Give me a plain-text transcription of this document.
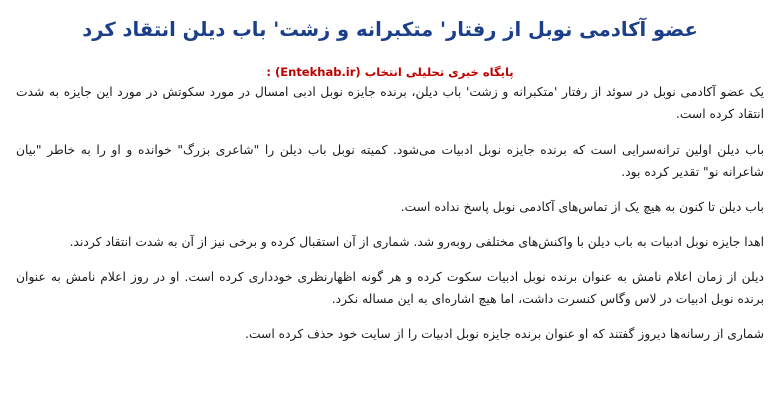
عضو آکادمی نوبل از رفتار' متکبرانه و زشت' باب دیلن انتقاد کرد
پایگاه خبری تحلیلی انتخاب (Entekhab.ir) :

یک عضو آکادمی نوبل در سوئد از رفتار 'متکبرانه و زشت' باب دیلن، برنده جایزه نوبل ادبی امسال در مورد سکوتش در مورد این جایزه به شدت انتقاد کرده است.

باب دیلن اولین ترانه‌سرایی است که برنده جایزه نوبل ادبیات می‌شود. کمیته نوبل باب دیلن را "شاعری بزرگ" خوانده و او را به خاطر "بیان شاعرانه نو" تقدیر کرده بود.

باب دیلن تا کنون به هیچ یک از تماس‌های آکادمی نوبل پاسخ نداده است.

اهدا جایزه نوبل ادبیات به باب دیلن با واکنش‌های مختلفی روبه‌رو شد. شماری از آن استقبال کرده و برخی نیز از آن به شدت انتقاد کردند.

دیلن از زمان اعلام نامش به عنوان برنده نوبل ادبیات سکوت کرده و هر گونه اظهارنظری خودداری کرده است. او در روز اعلام نامش به عنوان برنده نوبل ادبیات در لاس وگاس کنسرت داشت، اما هیچ اشاره‌ای به این مساله نکرد.

شماری از رسانه‌ها دیروز گفتند که او عنوان برنده جایزه نوبل ادبیات را از سایت خود حذف کرده است.
